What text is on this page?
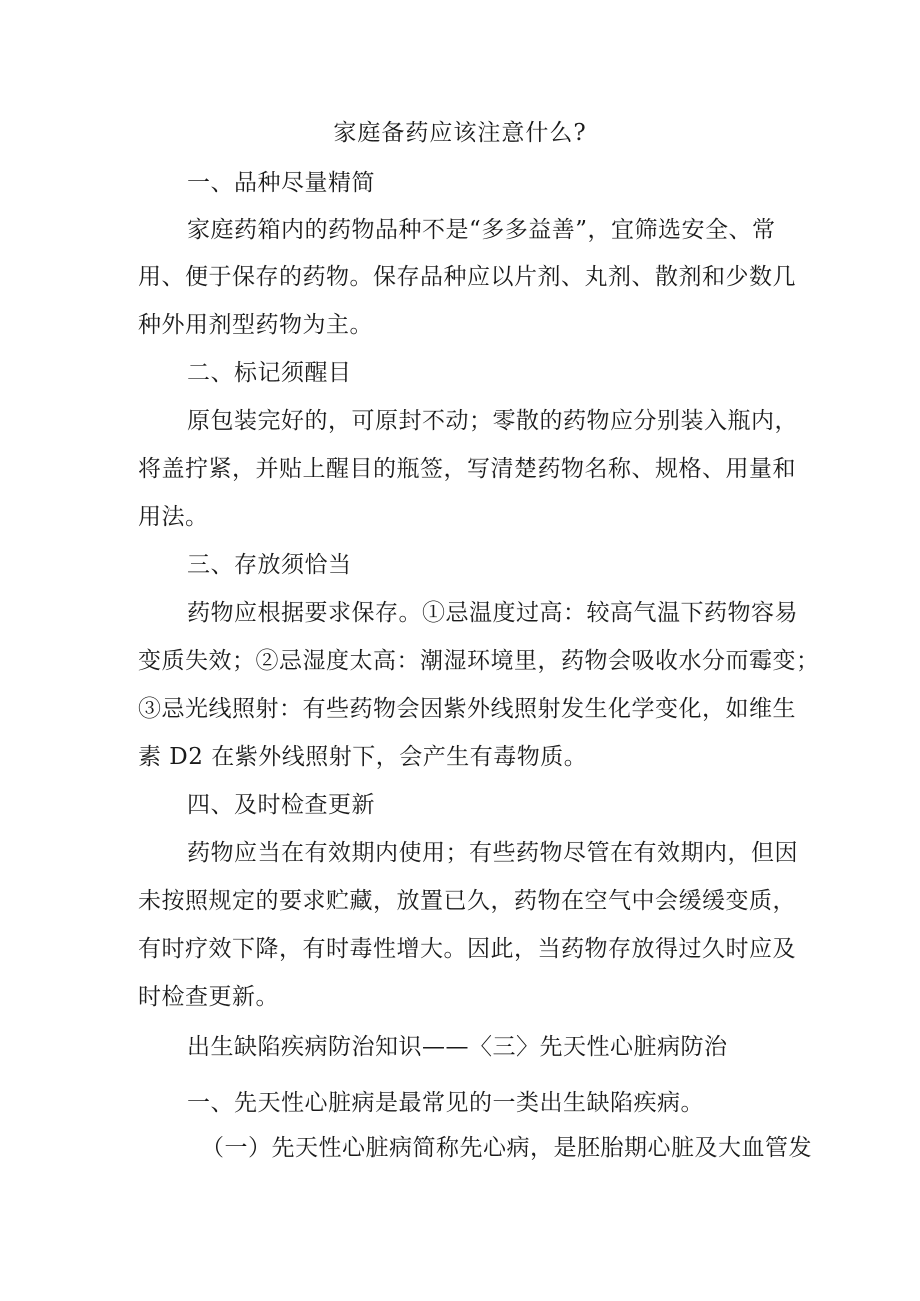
家庭备药应该注意什么?

一、品种尽量精简

家庭药箱内的药物品种不是“多多益善”，宜筛选安全、常

用、便于保存的药物。保存品种应以片剂、丸剂、散剂和少数几

种外用剂型药物为主。

二、标记须醒目

原包装完好的，可原封不动；零散的药物应分别装入瓶内，

将盖拧紧，并贴上醒目的瓶签，写清楚药物名称、规格、用量和

用法。

三、存放须恰当

药物应根据要求保存。①忌温度过高：较高气温下药物容易

变质失效；②忌湿度太高：潮湿环境里，药物会吸收水分而霉变；

③忌光线照射：有些药物会因紫外线照射发生化学变化，如维生

素 D2 在紫外线照射下，会产生有毒物质。

四、及时检查更新

药物应当在有效期内使用；有些药物尽管在有效期内，但因

未按照规定的要求贮藏，放置已久，药物在空气中会缓缓变质，

有时疗效下降，有时毒性增大。因此，当药物存放得过久时应及

时检查更新。

出生缺陷疾病防治知识——〈三〉先天性心脏病防治

一、先天性心脏病是最常见的一类出生缺陷疾病。

（一）先天性心脏病简称先心病，是胚胎期心脏及大血管发
